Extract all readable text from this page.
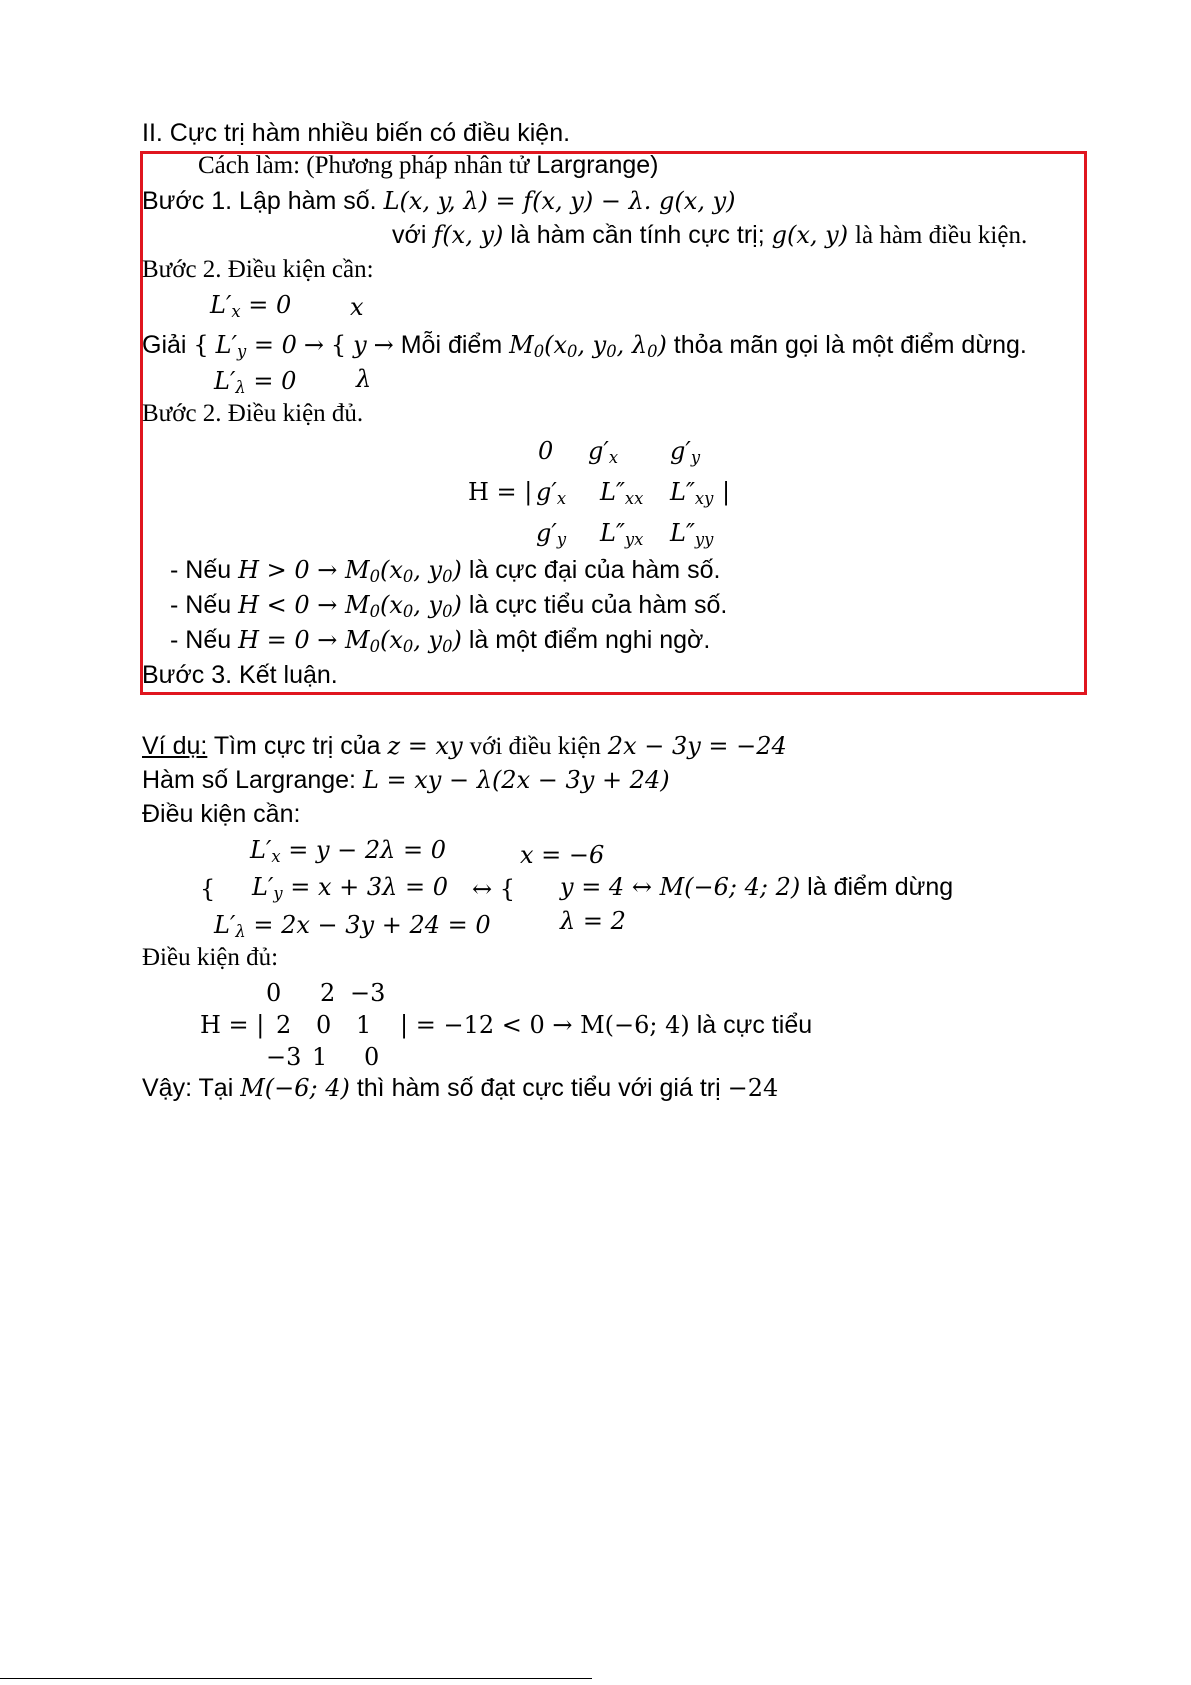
II. Cực trị hàm nhiều biến có điều kiện.
Cách làm: (Phương pháp nhân tử Largrange)
Bước 1. Lập hàm số. L(x, y, λ) = f(x, y) − λ. g(x, y)
với f(x, y) là hàm cần tính cực trị; g(x, y) là hàm điều kiện.
Bước 2. Điều kiện cần:
$L'_x = 0$ x
Giải { $L'_y = 0$ → { y → Mỗi điểm $M_0(x_0$, $y_0$, $\lambda_0$) thỏa mãn gọi là một điểm dừng.
$L'_\lambda = 0$ λ
Bước 2. Điều kiện đủ.
0 $g'_x$ $g'_y$
H = | $g'_x$ $L''_{xx}$ $L''_{xy}$ |
$g'_y$ $L''_{yx}$ $L''_{yy}$
- Nếu $H > 0 \to M_0(x_0$, $y_0$) là cực đại của hàm số.
- Nếu $H < 0 \to M_0(x_0$, $y_0$) là cực tiểu của hàm số.
- Nếu $H = 0 \to M_0(x_0$, $y_0$) là một điểm nghi ngờ.
Bước 3. Kết luận.
Ví dụ: Tìm cực trị của z = xy với điều kiện 2x − 3y = −24
Hàm số Largrange: L = xy − λ(2x − 3y + 24)
Điều kiện cần:
$L'_x = y - 2\lambda = 0$	x = −6
{ $L'_y = x + 3\lambda = 0$ ↔ { y = 4 ↔ M(−6; 4; 2) là điểm dừng
$L'_\lambda = 2x - 3y + 24 = 0$	λ = 2
Điều kiện đủ:
0 2 −3
H = | 2 0 1 | = −12 < 0 → M(−6; 4) là cực tiểu
−3 1 0
Vậy: Tại M(−6; 4) thì hàm số đạt cực tiểu với giá trị −24
